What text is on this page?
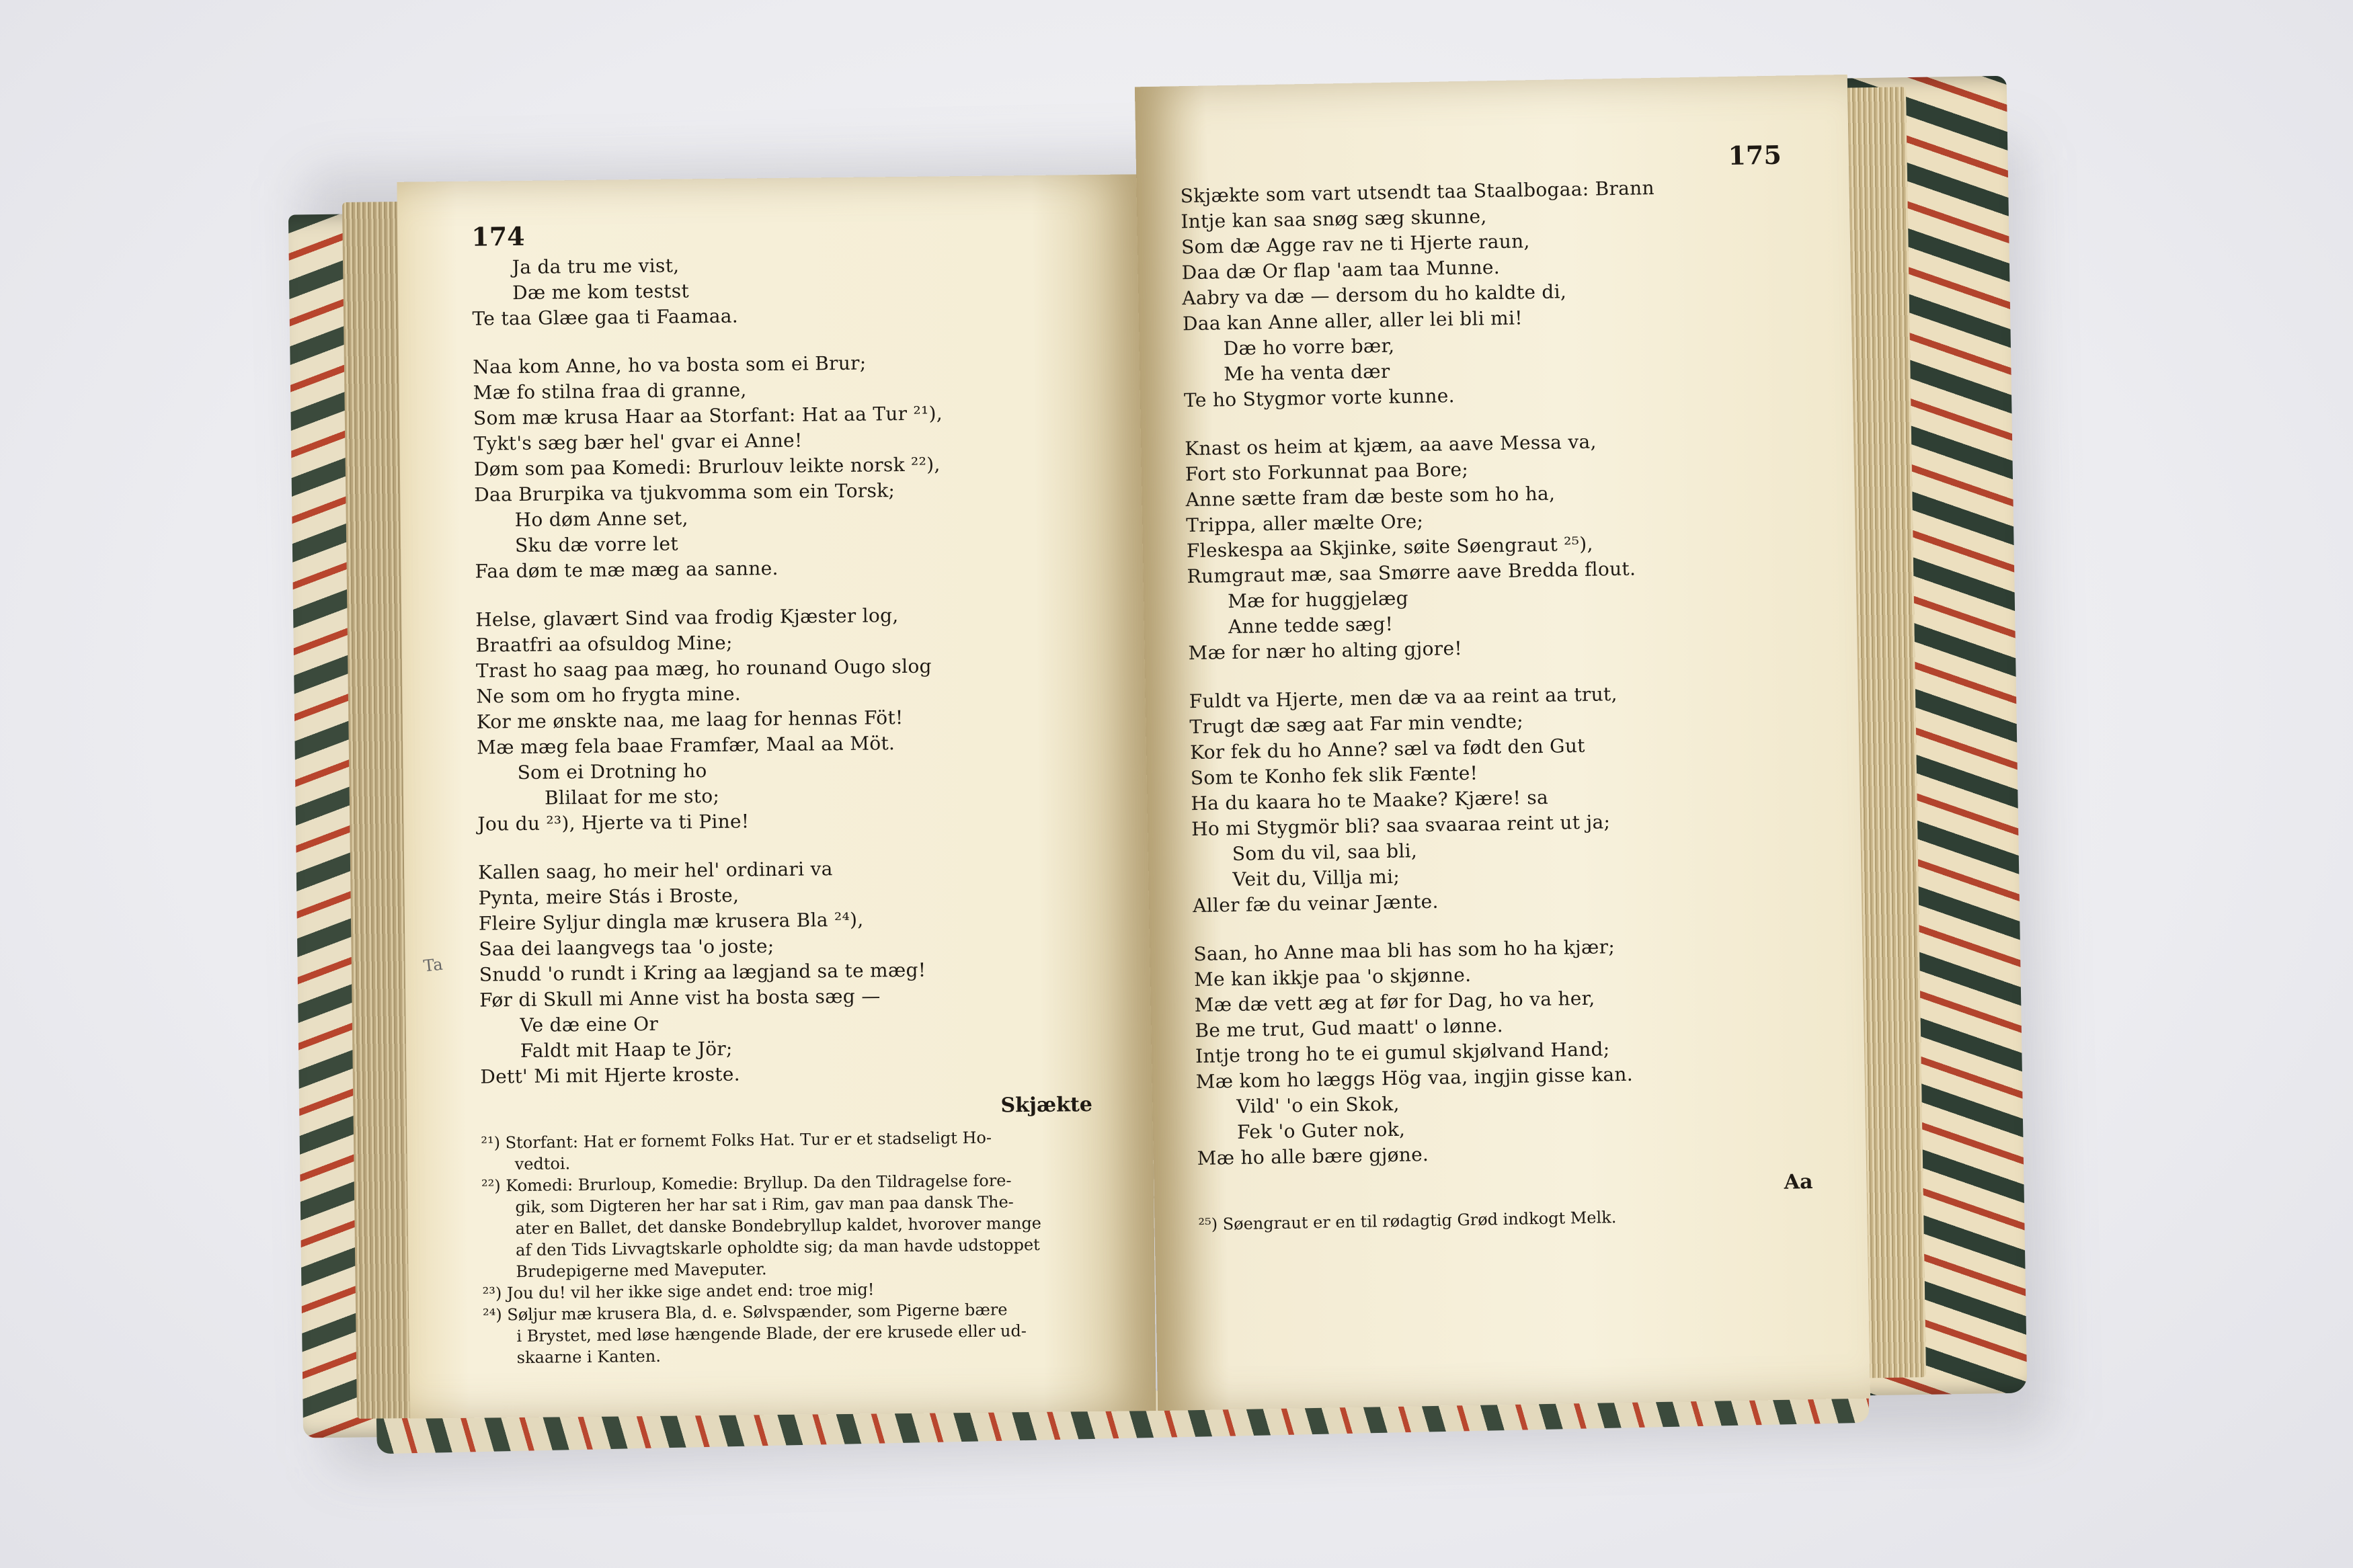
174
Ja da tru me vist,
Dæ me kom testst
Te taa Glæe gaa ti Faamaa.
Naa kom Anne, ho va bosta som ei Brur;
Mæ fo stilna fraa di granne,
Som mæ krusa Haar aa Storfant: Hat aa Tur ²¹),
Tykt's sæg bær hel' gvar ei Anne!
Døm som paa Komedi: Brurlouv leikte norsk ²²),
Daa Brurpika va tjukvomma som ein Torsk;
Ho døm Anne set,
Sku dæ vorre let
Faa døm te mæ mæg aa sanne.
Helse, glavært Sind vaa frodig Kjæster log,
Braatfri aa ofsuldog Mine;
Trast ho saag paa mæg, ho rounand Ougo slog
Ne som om ho frygta mine.
Kor me ønskte naa, me laag for hennas Föt!
Mæ mæg fela baae Framfær, Maal aa Möt.
Som ei Drotning ho
Blilaat for me sto;
Jou du ²³), Hjerte va ti Pine!
Kallen saag, ho meir hel' ordinari va
Pynta, meire Stás i Broste,
Fleire Syljur dingla mæ krusera Bla ²⁴),
Saa dei laangvegs taa 'o joste;
Snudd 'o rundt i Kring aa lægjand sa te mæg!
Før di Skull mi Anne vist ha bosta sæg —
Ve dæ eine Or
Faldt mit Haap te Jör;
Dett' Mi mit Hjerte kroste.
Skjækte
²¹) Storfant: Hat er fornemt Folks Hat. Tur er et stadseligt Ho-
vedtoi.
²²) Komedi: Brurloup, Komedie: Bryllup. Da den Tildragelse fore-
gik, som Digteren her har sat i Rim, gav man paa dansk The-
ater en Ballet, det danske Bondebryllup kaldet, hvorover mange
af den Tids Livvagtskarle opholdte sig; da man havde udstoppet
Brudepigerne med Maveputer.
²³) Jou du! vil her ikke sige andet end: troe mig!
²⁴) Søljur mæ krusera Bla, d. e. Sølvspænder, som Pigerne bære
i Brystet, med løse hængende Blade, der ere krusede eller ud-
skaarne i Kanten.
175
Skjækte som vart utsendt taa Staalbogaa: Brann
Intje kan saa snøg sæg skunne,
Som dæ Agge rav ne ti Hjerte raun,
Daa dæ Or flap 'aam taa Munne.
Aabry va dæ — dersom du ho kaldte di,
Daa kan Anne aller, aller lei bli mi!
Dæ ho vorre bær,
Me ha venta dær
Te ho Stygmor vorte kunne.
Knast os heim at kjæm, aa aave Messa va,
Fort sto Forkunnat paa Bore;
Anne sætte fram dæ beste som ho ha,
Trippa, aller mælte Ore;
Fleskespa aa Skjinke, søite Søengraut ²⁵),
Rumgraut mæ, saa Smørre aave Bredda flout.
Mæ for huggjelæg
Anne tedde sæg!
Mæ for nær ho alting gjore!
Fuldt va Hjerte, men dæ va aa reint aa trut,
Trugt dæ sæg aat Far min vendte;
Kor fek du ho Anne? sæl va født den Gut
Som te Konho fek slik Fænte!
Ha du kaara ho te Maake? Kjære! sa
Ho mi Stygmör bli? saa svaaraa reint ut ja;
Som du vil, saa bli,
Veit du, Villja mi;
Aller fæ du veinar Jænte.
Saan, ho Anne maa bli has som ho ha kjær;
Me kan ikkje paa 'o skjønne.
Mæ dæ vett æg at før for Dag, ho va her,
Be me trut, Gud maatt' o lønne.
Intje trong ho te ei gumul skjølvand Hand;
Mæ kom ho læggs Hög vaa, ingjin gisse kan.
Vild' 'o ein Skok,
Fek 'o Guter nok,
Mæ ho alle bære gjøne.
Aa
²⁵) Søengraut er en til rødagtig Grød indkogt Melk.
Ta
